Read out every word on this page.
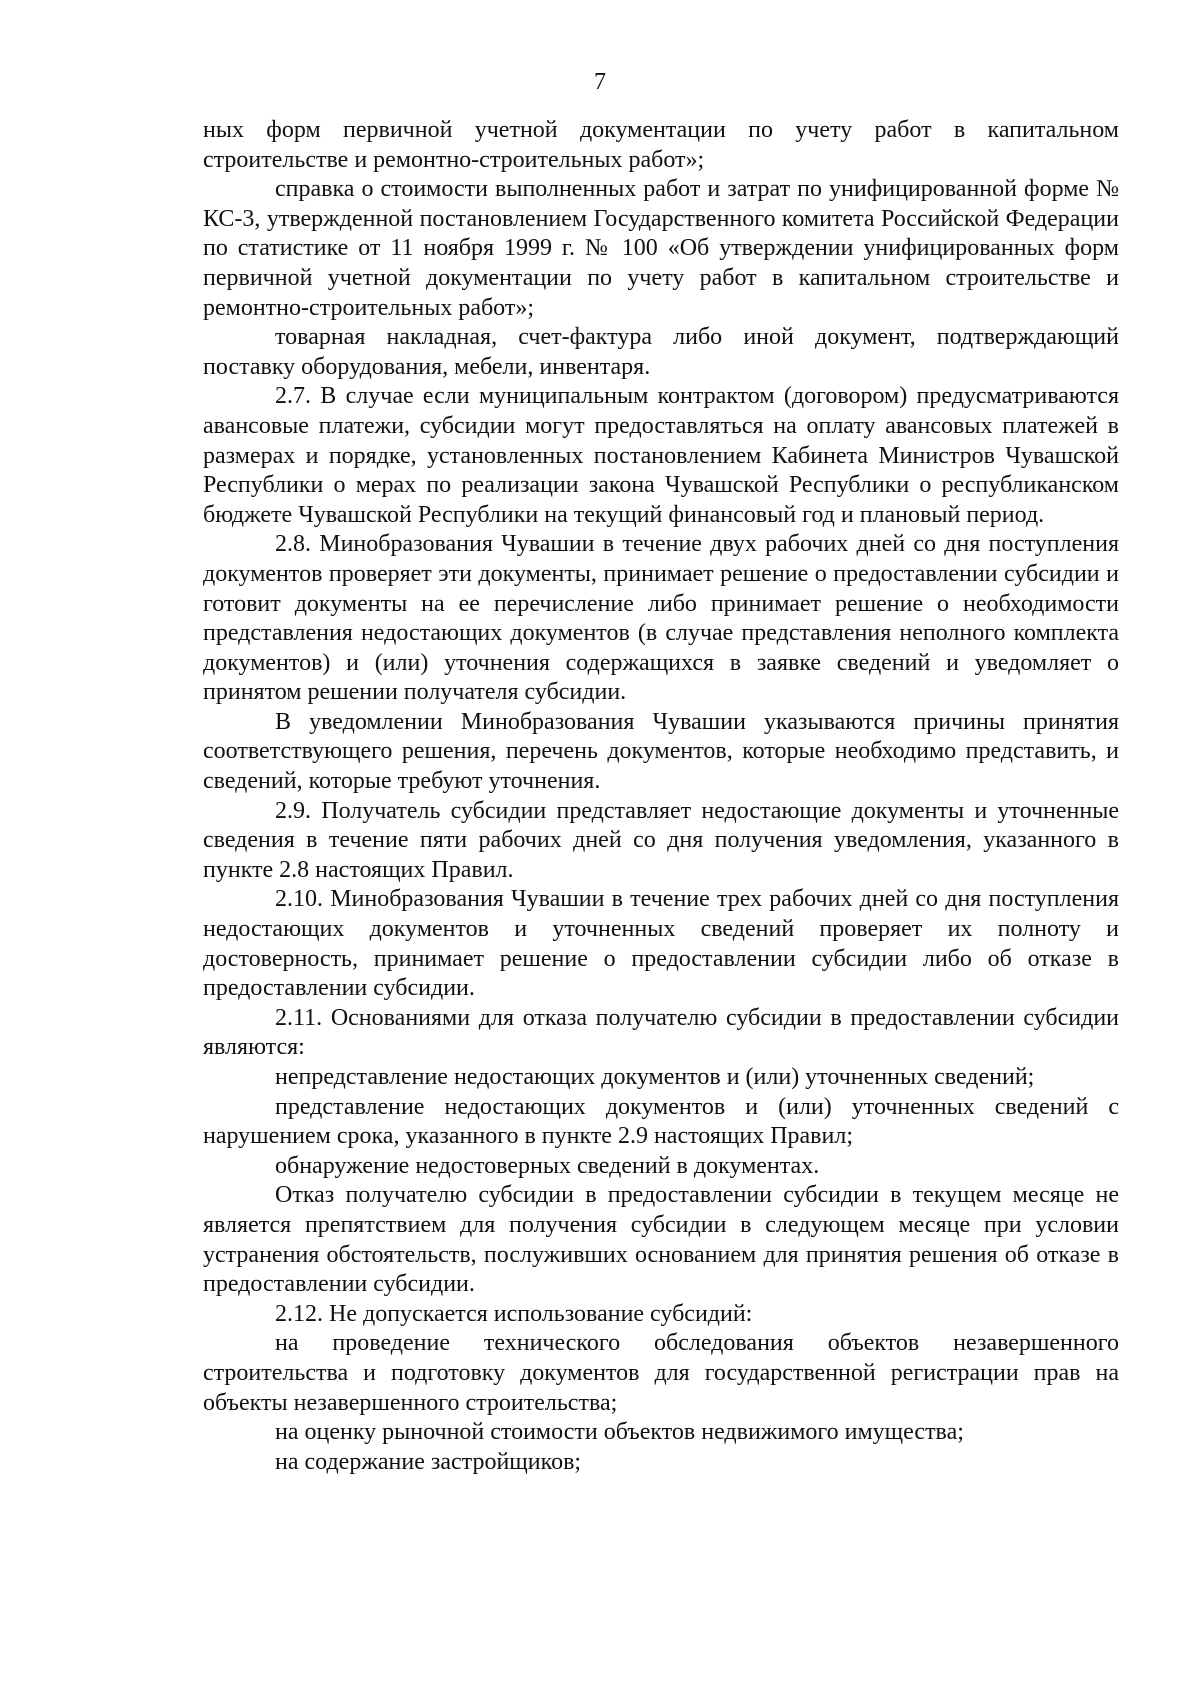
7

ных форм первичной учетной документации по учету работ в капитальном строительстве и ремонтно-строительных работ»;

справка о стоимости выполненных работ и затрат по унифицированной форме № КС-3, утвержденной постановлением Государственного комитета Российской Федерации по статистике от 11 ноября 1999 г. № 100 «Об утверждении унифицированных форм первичной учетной документации по учету работ в капитальном строительстве и ремонтно-строительных работ»;

товарная накладная, счет-фактура либо иной документ, подтверждающий поставку оборудования, мебели, инвентаря.

2.7. В случае если муниципальным контрактом (договором) предусматриваются авансовые платежи, субсидии могут предоставляться на оплату авансовых платежей в размерах и порядке, установленных постановлением Кабинета Министров Чувашской Республики о мерах по реализации закона Чувашской Республики о республиканском бюджете Чувашской Республики на текущий финансовый год и плановый период.

2.8. Минобразования Чувашии в течение двух рабочих дней со дня поступления документов проверяет эти документы, принимает решение о предоставлении субсидии и готовит документы на ее перечисление либо принимает решение о необходимости представления недостающих документов (в случае представления неполного комплекта документов) и (или) уточнения содержащихся в заявке сведений и уведомляет о принятом решении получателя субсидии.

В уведомлении Минобразования Чувашии указываются причины принятия соответствующего решения, перечень документов, которые необходимо представить, и сведений, которые требуют уточнения.

2.9. Получатель субсидии представляет недостающие документы и уточненные сведения в течение пяти рабочих дней со дня получения уведомления, указанного в пункте 2.8 настоящих Правил.

2.10. Минобразования Чувашии в течение трех рабочих дней со дня поступления недостающих документов и уточненных сведений проверяет их полноту и достоверность, принимает решение о предоставлении субсидии либо об отказе в предоставлении субсидии.

2.11. Основаниями для отказа получателю субсидии в предоставлении субсидии являются:

непредставление недостающих документов и (или) уточненных сведений;

представление недостающих документов и (или) уточненных сведений с нарушением срока, указанного в пункте 2.9 настоящих Правил;

обнаружение недостоверных сведений в документах.

Отказ получателю субсидии в предоставлении субсидии в текущем месяце не является препятствием для получения субсидии в следующем месяце при условии устранения обстоятельств, послуживших основанием для принятия решения об отказе в предоставлении субсидии.

2.12. Не допускается использование субсидий:

на проведение технического обследования объектов незавершенного строительства и подготовку документов для государственной регистрации прав на объекты незавершенного строительства;

на оценку рыночной стоимости объектов недвижимого имущества;

на содержание застройщиков;
